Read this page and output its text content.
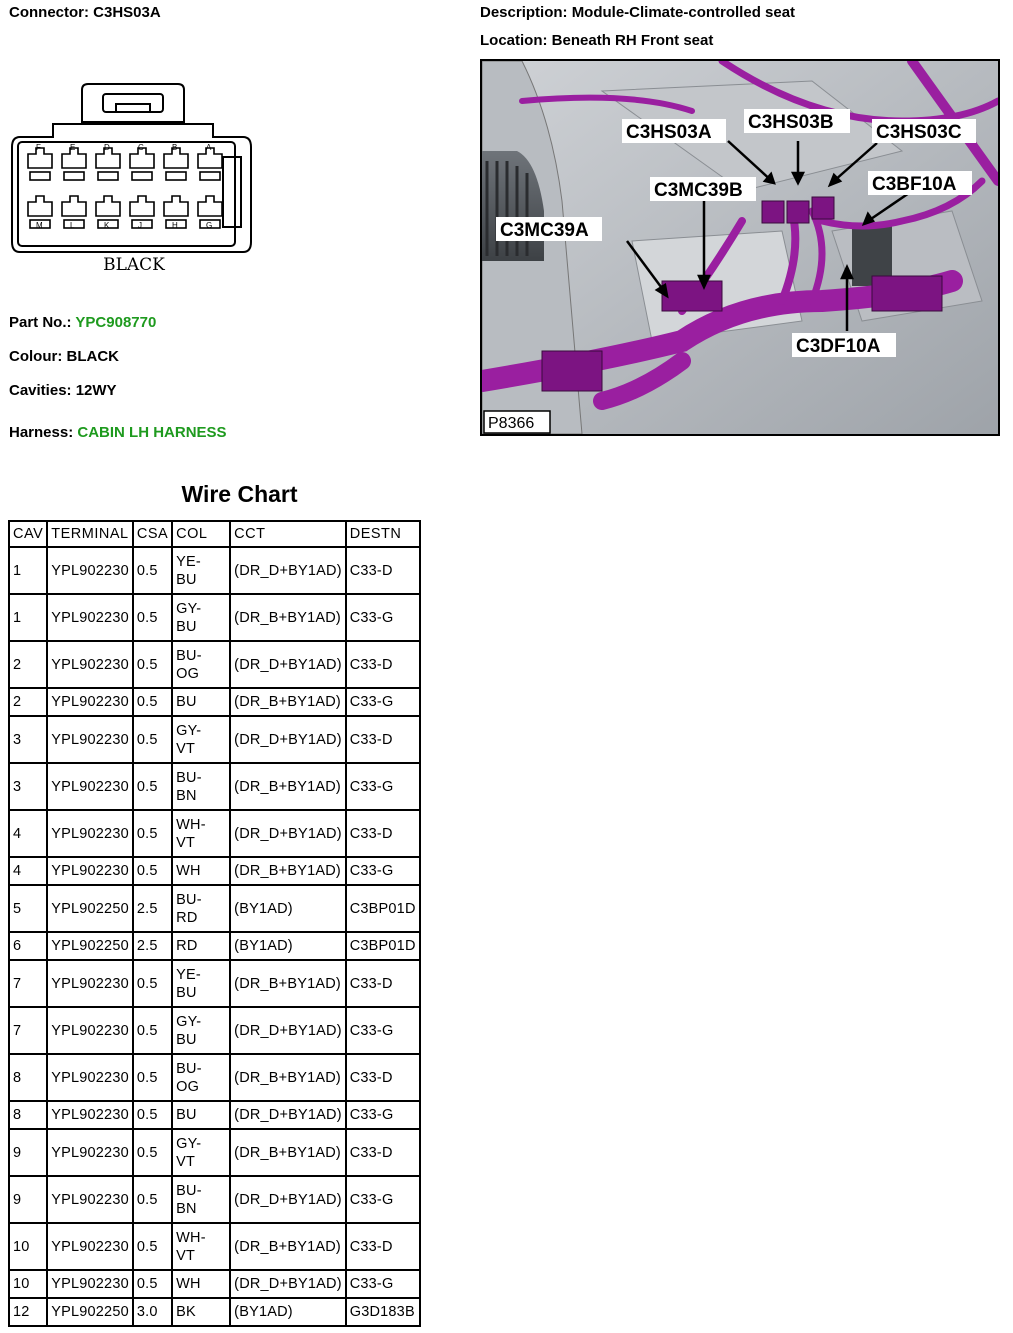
Connector: C3HS03A	Description: Module-Climate-controlled seat
Location: Beneath RH Front seat
F	E	D	C	B	A
M	L	K	J	H	G
BLACK
Part No.: YPC908770
Colour: BLACK
Cavities: 12WY
Harness: CABIN LH HARNESS
C3HS03A C3HS03B C3HS03C
C3MC39B	C3BF10A
C3MC39A
C3DF10A
P8366
Wire Chart
CAV	TERMINAL	CSA	COL	CCT	DESTN
1	YPL902230	0.5	YE-
BU	(DR_D+BY1AD)	C33-D
1	YPL902230	0.5	GY-
BU	(DR_B+BY1AD)	C33-G
2	YPL902230	0.5	BU-
OG	(DR_D+BY1AD)	C33-D
2	YPL902230	0.5	BU	(DR_B+BY1AD)	C33-G
3	YPL902230	0.5	GY-
VT	(DR_D+BY1AD)	C33-D
3	YPL902230	0.5	BU-
BN	(DR_B+BY1AD)	C33-G
4	YPL902230	0.5	WH-
VT	(DR_D+BY1AD)	C33-D
4	YPL902230	0.5	WH	(DR_B+BY1AD)	C33-G
5	YPL902250	2.5	BU-
RD	(BY1AD)	C3BP01D
6	YPL902250	2.5	RD	(BY1AD)	C3BP01D
7	YPL902230	0.5	YE-
BU	(DR_B+BY1AD)	C33-D
7	YPL902230	0.5	GY-
BU	(DR_D+BY1AD)	C33-G
8	YPL902230	0.5	BU-
OG	(DR_B+BY1AD)	C33-D
8	YPL902230	0.5	BU	(DR_D+BY1AD)	C33-G
9	YPL902230	0.5	GY-
VT	(DR_B+BY1AD)	C33-D
9	YPL902230	0.5	BU-
BN	(DR_D+BY1AD)	C33-G
10	YPL902230	0.5	WH-
VT	(DR_B+BY1AD)	C33-D
10	YPL902230	0.5	WH	(DR_D+BY1AD)	C33-G
12	YPL902250	3.0	BK	(BY1AD)	G3D183B
